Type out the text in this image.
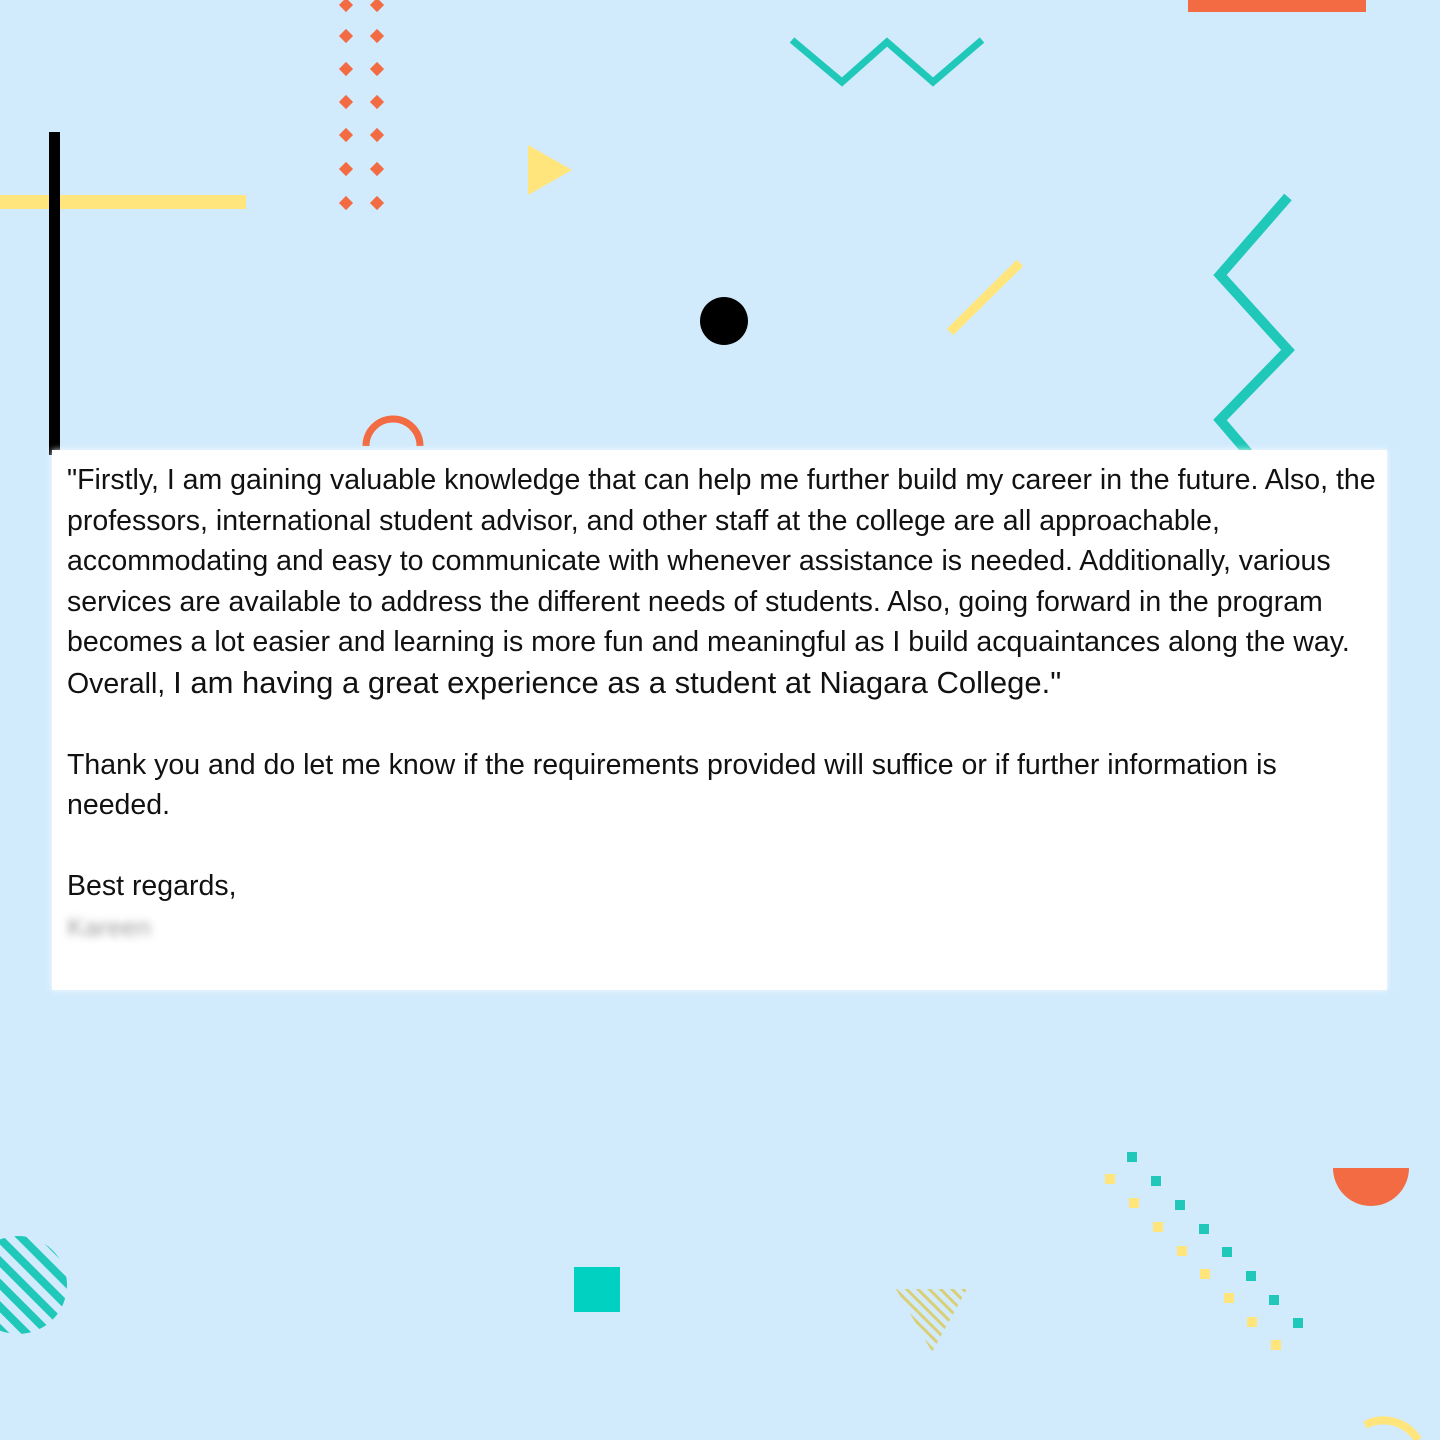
"Firstly, I am gaining valuable knowledge that can help me further build my career in the future. Also, the professors, international student advisor, and other staff at the college are all approachable, accommodating and easy to communicate with whenever assistance is needed. Additionally, various services are available to address the different needs of students. Also, going forward in the program becomes a lot easier and learning is more fun and meaningful as I build acquaintances along the way. Overall, I am having a great experience as a student at Niagara College."

Thank you and do let me know if the requirements provided will suffice or if further information is needed.

Best regards,

Kareen
